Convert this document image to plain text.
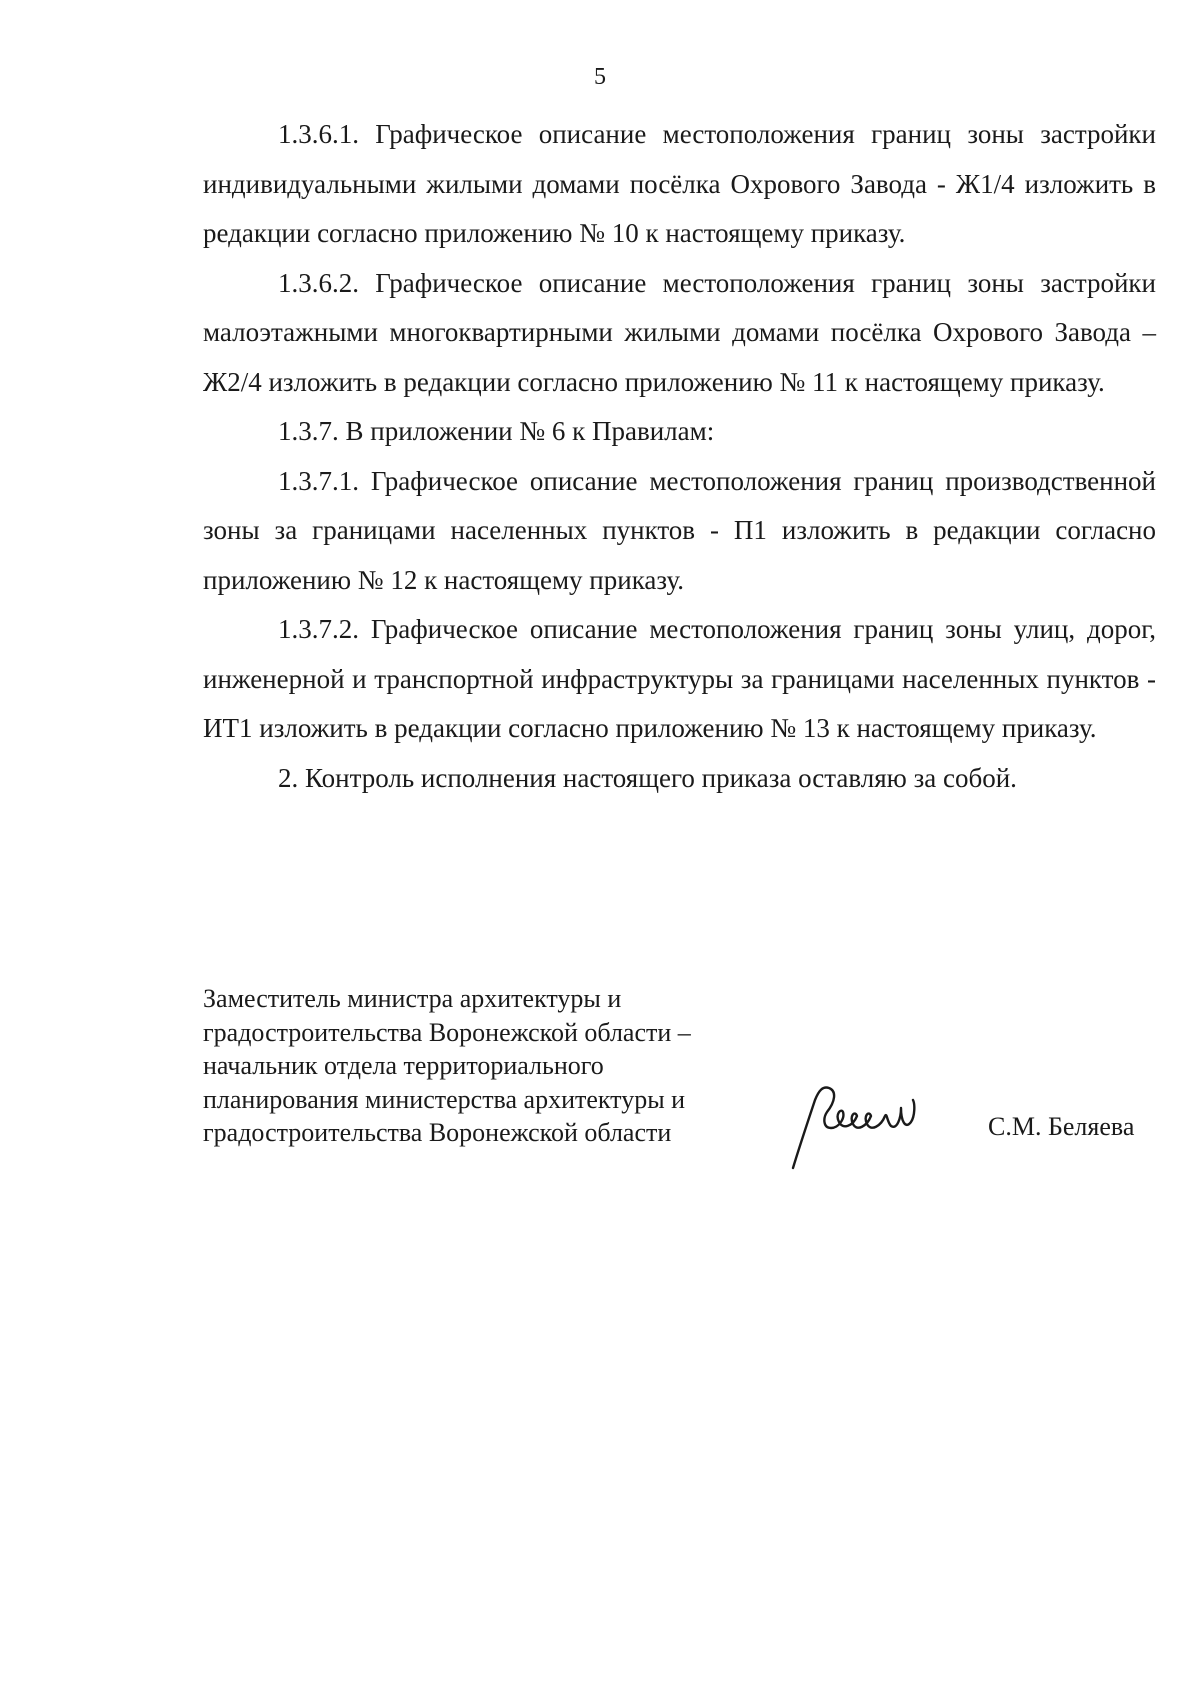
5

1.3.6.1. Графическое описание местоположения границ зоны застройки индивидуальными жилыми домами посёлка Охрового Завода - Ж1/4 изложить в редакции согласно приложению № 10 к настоящему приказу.

1.3.6.2. Графическое описание местоположения границ зоны застройки малоэтажными многоквартирными жилыми домами посёлка Охрового Завода – Ж2/4 изложить в редакции согласно приложению № 11 к настоящему приказу.

1.3.7. В приложении № 6 к Правилам:

1.3.7.1. Графическое описание местоположения границ производственной зоны за границами населенных пунктов - П1 изложить в редакции согласно приложению № 12 к настоящему приказу.

1.3.7.2. Графическое описание местоположения границ зоны улиц, дорог, инженерной и транспортной инфраструктуры за границами населенных пунктов - ИТ1 изложить в редакции согласно приложению № 13 к настоящему приказу.

2. Контроль исполнения настоящего приказа оставляю за собой.

Заместитель министра архитектуры и
градостроительства Воронежской области –
начальник отдела территориального
планирования министерства архитектуры и
градостроительства Воронежской области	С.М. Беляева
